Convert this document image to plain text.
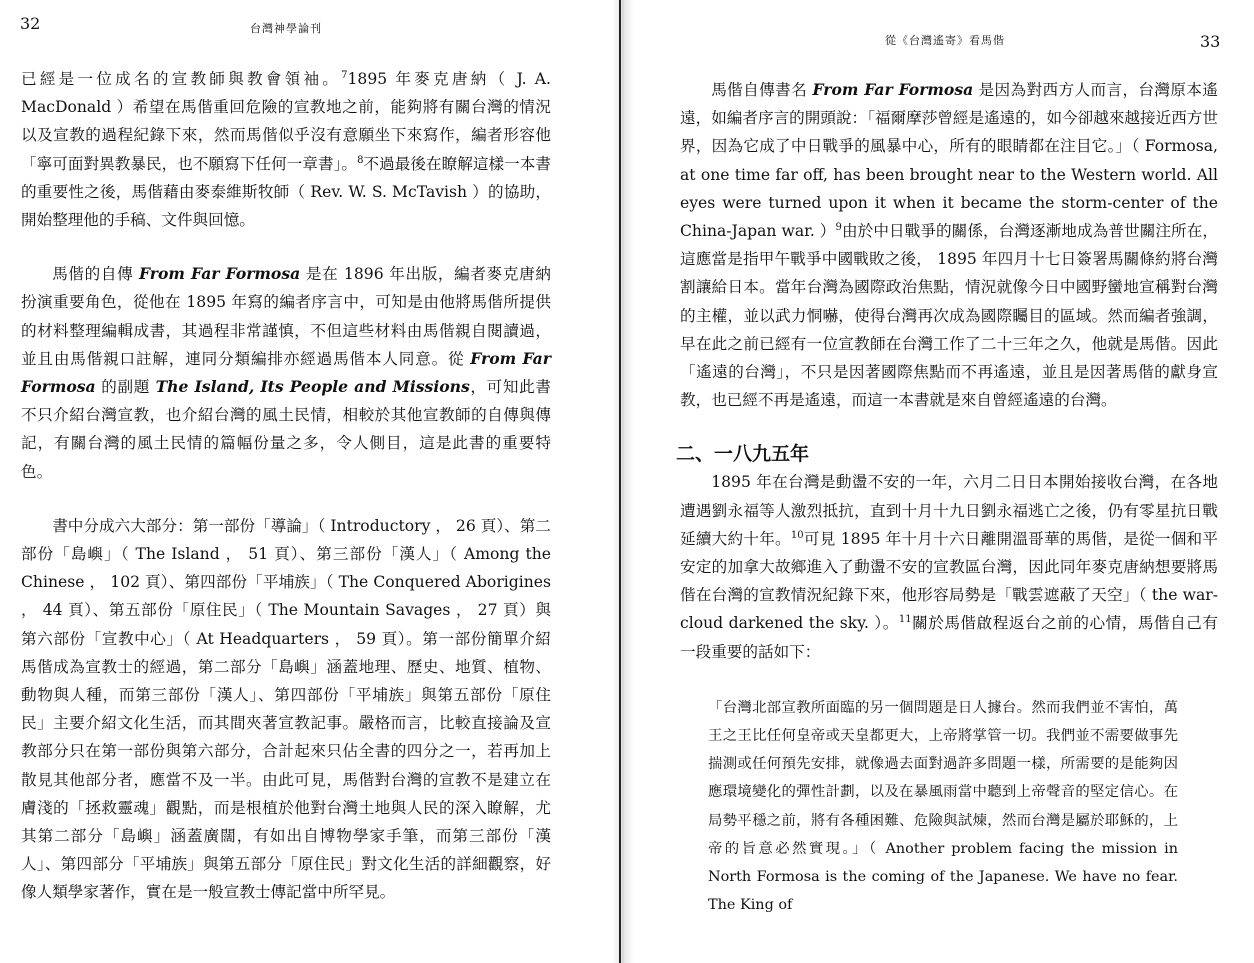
32	台灣神學論刊

已經是一位成名的宣教師與教會領袖。$^7$1895 年麥克唐納（ J. A. MacDonald ）希望在馬偕重回危險的宣教地之前，能夠將有關台灣的情況以及宣教的過程紀錄下來，然而馬偕似乎沒有意願坐下來寫作，編者形容他「寧可面對異教暴民，也不願寫下任何一章書」。$^8$不過最後在瞭解這樣一本書的重要性之後，馬偕藉由麥泰維斯牧師（ Rev. W. S. McTavish ）的協助，開始整理他的手稿、文件與回憶。

馬偕的自傳 From Far Formosa 是在 1896 年出版，編者麥克唐納扮演重要角色，從他在 1895 年寫的編者序言中，可知是由他將馬偕所提供的材料整理編輯成書，其過程非常謹慎，不但這些材料由馬偕親自閱讀過，並且由馬偕親口註解，連同分類編排亦經過馬偕本人同意。從 From Far Formosa 的副題 The Island, Its People and Missions，可知此書不只介紹台灣宣教，也介紹台灣的風土民情，相較於其他宣教師的自傳與傳記，有關台灣的風土民情的篇幅份量之多，令人側目，這是此書的重要特色。

書中分成六大部分：第一部份「導論」（ Introductory ， 26 頁）、第二部份「島嶼」（ The Island ， 51 頁）、第三部份「漢人」（ Among the Chinese ， 102 頁）、第四部份「平埔族」（ The Conquered Aborigines ， 44 頁）、第五部份「原住民」（ The Mountain Savages ， 27 頁）與第六部份「宣教中心」（ At Headquarters ， 59 頁）。第一部份簡單介紹馬偕成為宣教士的經過，第二部分「島嶼」涵蓋地理、歷史、地質、植物、動物與人種，而第三部份「漢人」、第四部份「平埔族」與第五部份「原住民」主要介紹文化生活，而其間夾著宣教記事。嚴格而言，比較直接論及宣教部分只在第一部份與第六部分，合計起來只佔全書的四分之一，若再加上散見其他部分者，應當不及一半。由此可見，馬偕對台灣的宣教不是建立在膚淺的「拯救靈魂」觀點，而是根植於他對台灣土地與人民的深入瞭解，尤其第二部分「島嶼」涵蓋廣闊，有如出自博物學家手筆，而第三部份「漢人」、第四部分「平埔族」與第五部分「原住民」對文化生活的詳細觀察，好像人類學家著作，實在是一般宣教士傳記當中所罕見。

從《台灣遙寄》看馬偕	33

馬偕自傳書名 From Far Formosa 是因為對西方人而言，台灣原本遙遠，如編者序言的開頭說：「福爾摩莎曾經是遙遠的，如今卻越來越接近西方世界，因為它成了中日戰爭的風暴中心，所有的眼睛都在注目它。」（ Formosa, at one time far off, has been brought near to the Western world. All eyes were turned upon it when it became the storm-center of the China-Japan war. ）$^9$由於中日戰爭的關係，台灣逐漸地成為普世關注所在，這應當是指甲午戰爭中國戰敗之後， 1895 年四月十七日簽署馬關條約將台灣割讓給日本。當年台灣為國際政治焦點，情況就像今日中國野蠻地宣稱對台灣的主權，並以武力恫嚇，使得台灣再次成為國際矚目的區域。然而編者強調，早在此之前已經有一位宣教師在台灣工作了二十三年之久，他就是馬偕。因此「遙遠的台灣」，不只是因著國際焦點而不再遙遠，並且是因著馬偕的獻身宣教，也已經不再是遙遠，而這一本書就是來自曾經遙遠的台灣。

二、一八九五年

1895 年在台灣是動盪不安的一年，六月二日日本開始接收台灣，在各地遭遇劉永福等人激烈抵抗，直到十月十九日劉永福逃亡之後，仍有零星抗日戰延續大約十年。$^{10}$可見 1895 年十月十六日離開溫哥華的馬偕，是從一個和平安定的加拿大故鄉進入了動盪不安的宣教區台灣，因此同年麥克唐納想要將馬偕在台灣的宣教情況紀錄下來，他形容局勢是「戰雲遮蔽了天空」（ the war-cloud darkened the sky. ）。$^{11}$關於馬偕啟程返台之前的心情，馬偕自己有一段重要的話如下：

「台灣北部宣教所面臨的另一個問題是日人據台。然而我們並不害怕，萬王之王比任何皇帝或天皇都更大，上帝將掌管一切。我們並不需要做事先揣測或任何預先安排，就像過去面對過許多問題一樣，所需要的是能夠因應環境變化的彈性計劃，以及在暴風雨當中聽到上帝聲音的堅定信心。在局勢平穩之前，將有各種困難、危險與試煉，然而台灣是屬於耶穌的，上帝的旨意必然實現。」（ Another problem facing the mission in North Formosa is the coming of the Japanese. We have no fear. The King of
